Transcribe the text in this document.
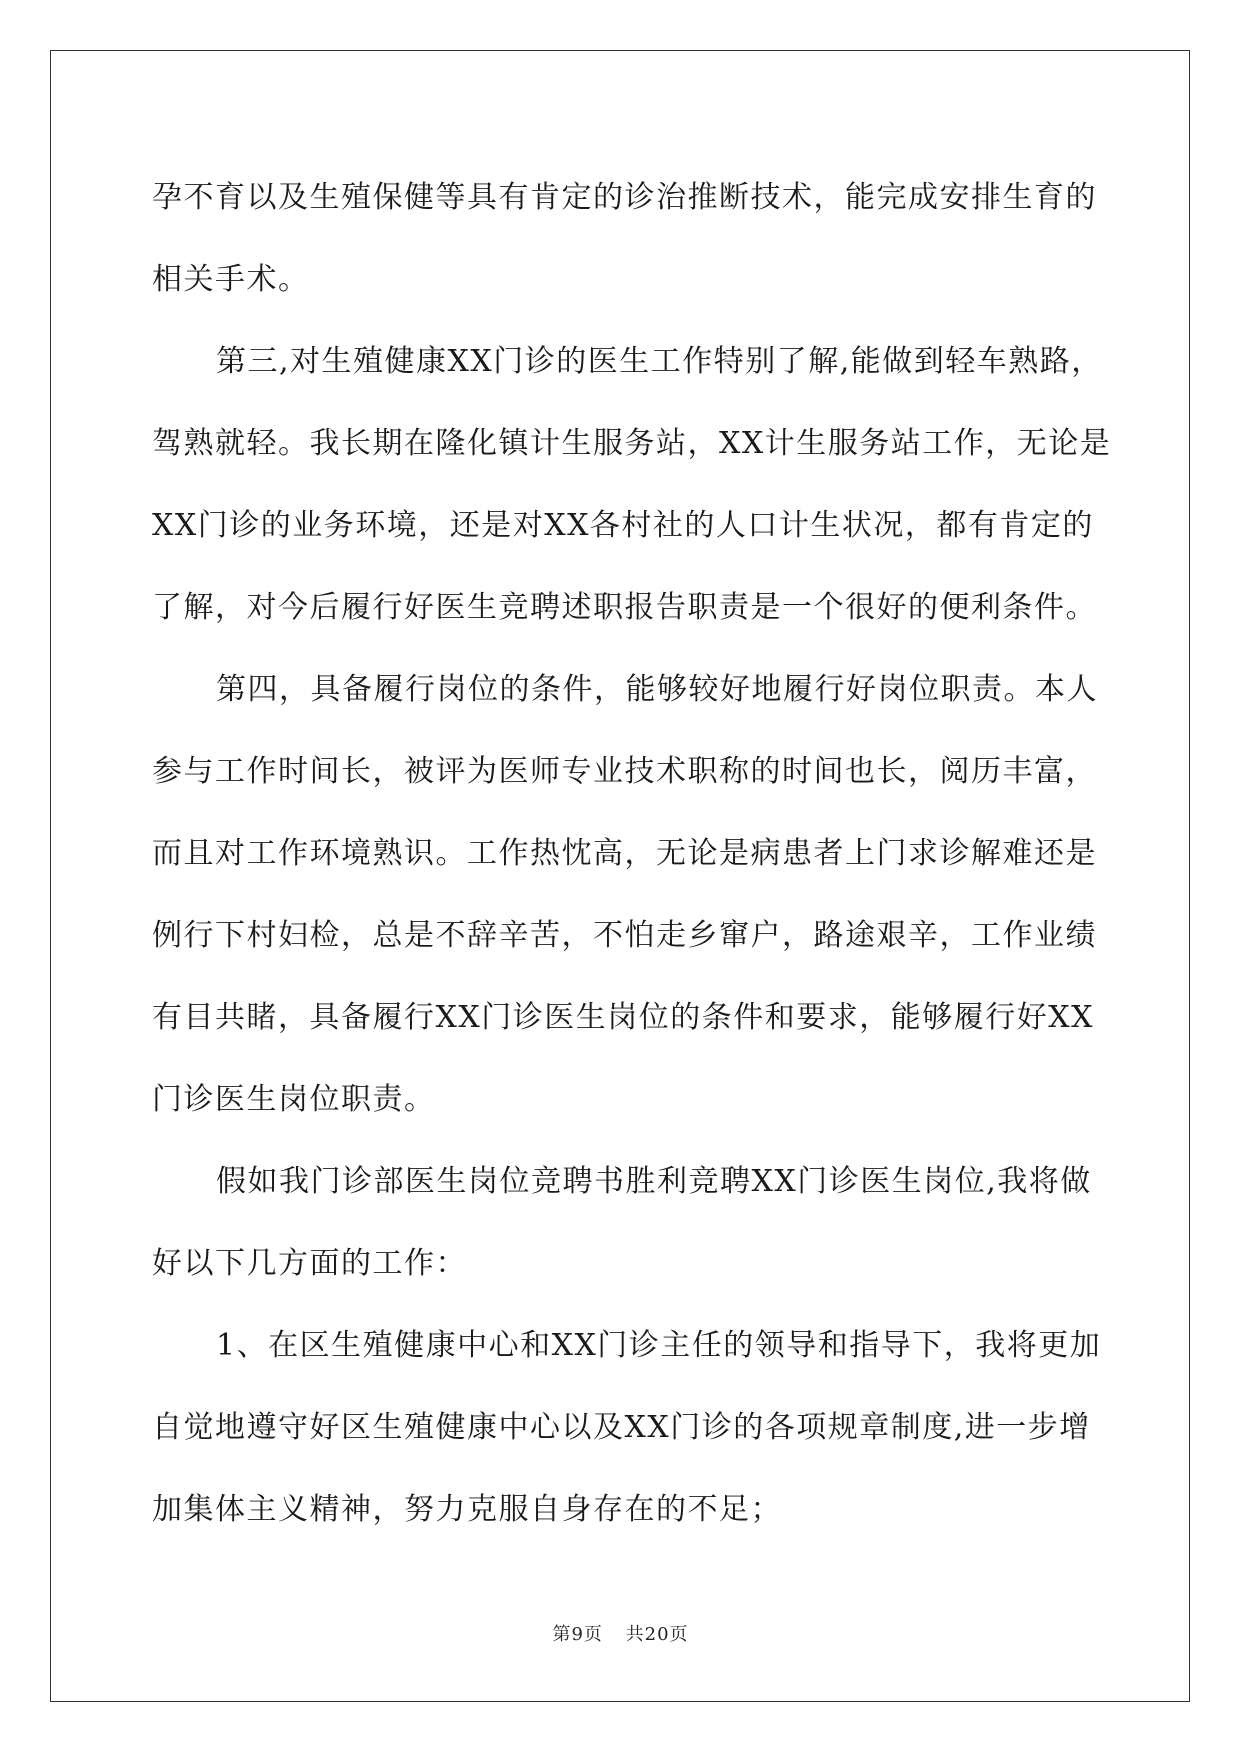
孕不育以及生殖保健等具有肯定的诊治推断技术，能完成安排生育的
相关手术。
第三,对生殖健康XX门诊的医生工作特别了解,能做到轻车熟路，
驾熟就轻。我长期在隆化镇计生服务站，XX计生服务站工作，无论是
XX门诊的业务环境，还是对XX各村社的人口计生状况，都有肯定的
了解，对今后履行好医生竞聘述职报告职责是一个很好的便利条件。
第四，具备履行岗位的条件，能够较好地履行好岗位职责。本人
参与工作时间长，被评为医师专业技术职称的时间也长，阅历丰富，
而且对工作环境熟识。工作热忱高，无论是病患者上门求诊解难还是
例行下村妇检，总是不辞辛苦，不怕走乡窜户，路途艰辛，工作业绩
有目共睹，具备履行XX门诊医生岗位的条件和要求，能够履行好XX
门诊医生岗位职责。
假如我门诊部医生岗位竞聘书胜利竞聘XX门诊医生岗位,我将做
好以下几方面的工作：
1、在区生殖健康中心和XX门诊主任的领导和指导下，我将更加
自觉地遵守好区生殖健康中心以及XX门诊的各项规章制度,进一步增
加集体主义精神，努力克服自身存在的不足；
第9页 共20页
